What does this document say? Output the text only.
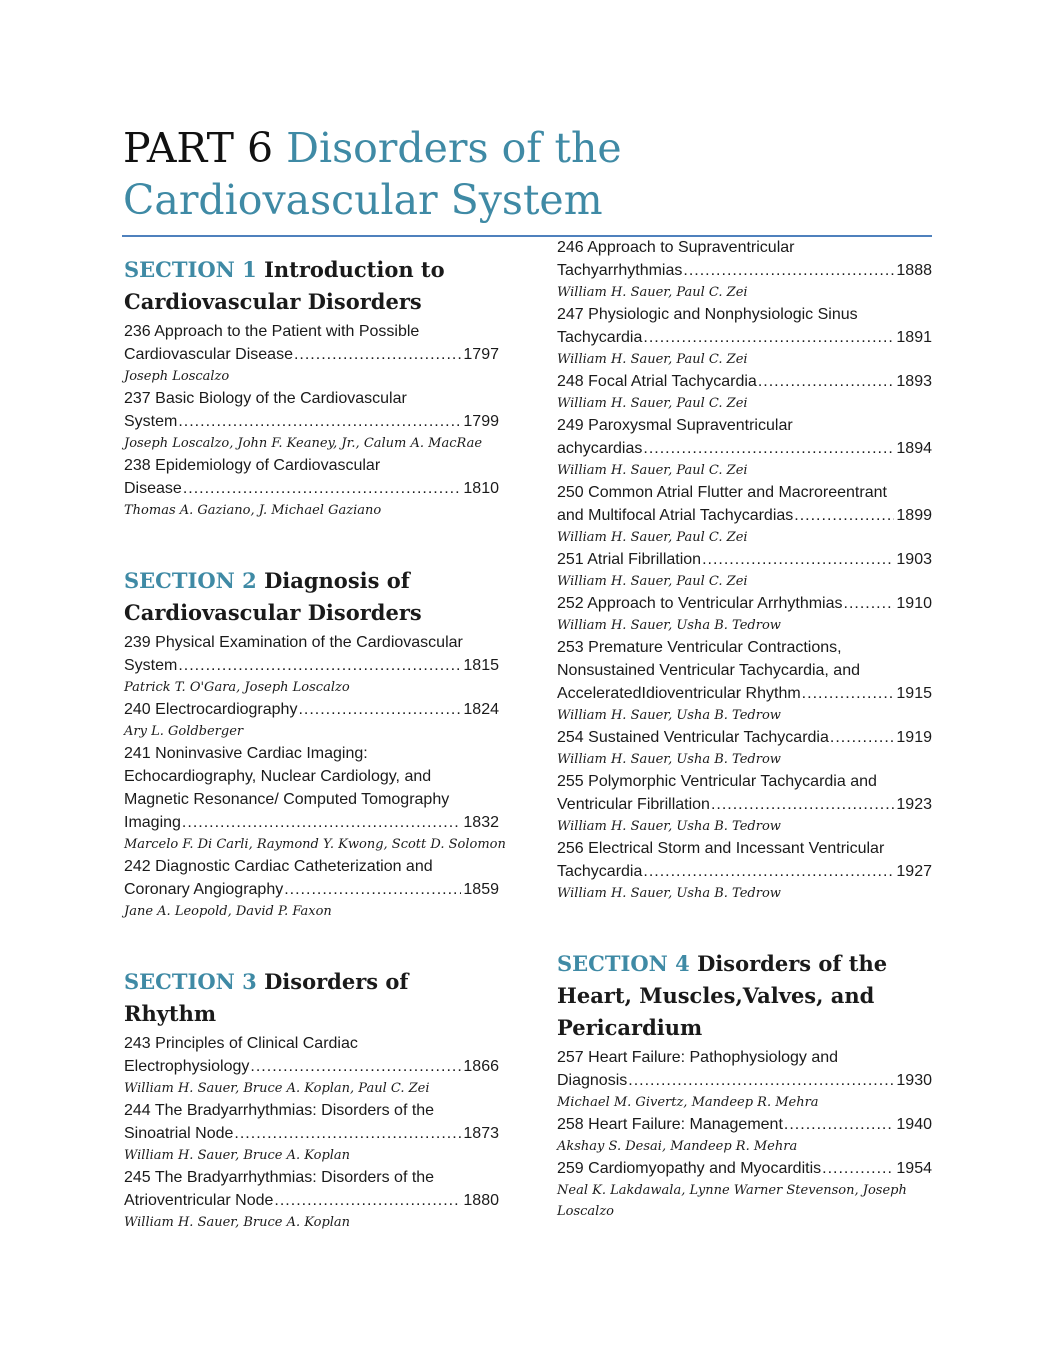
PART 6 Disorders of the Cardiovascular System
SECTION 1 Introduction to
Cardiovascular Disorders

236 Approach to the Patient with Possible

Cardiovascular Disease .....	1797

Joseph Loscalzo

237 Basic Biology of the Cardiovascular

System .....	1799

Joseph Loscalzo, John F. Keaney, Jr., Calum A. MacRae

238 Epidemiology of Cardiovascular

Disease .....	1810

Thomas A. Gaziano, J. Michael Gaziano

SECTION 2 Diagnosis of
Cardiovascular Disorders

239 Physical Examination of the Cardiovascular

System .....	1815

Patrick T. O'Gara, Joseph Loscalzo

240 Electrocardiography .....	1824

Ary L. Goldberger

241 Noninvasive Cardiac Imaging:

Echocardiography, Nuclear Cardiology, and

Magnetic Resonance/ Computed Tomography

Imaging .....	1832

Marcelo F. Di Carli, Raymond Y. Kwong, Scott D. Solomon

242 Diagnostic Cardiac Catheterization and

Coronary Angiography .....	1859

Jane A. Leopold, David P. Faxon

SECTION 3 Disorders of Rhythm

243 Principles of Clinical Cardiac

Electrophysiology .....	1866

William H. Sauer, Bruce A. Koplan, Paul C. Zei

244 The Bradyarrhythmias: Disorders of the

Sinoatrial Node .....	1873

William H. Sauer, Bruce A. Koplan

245 The Bradyarrhythmias: Disorders of the

Atrioventricular Node .....	1880

William H. Sauer, Bruce A. Koplan

246 Approach to Supraventricular

Tachyarrhythmias .....	1888

William H. Sauer, Paul C. Zei

247 Physiologic and Nonphysiologic Sinus

Tachycardia .....	1891

William H. Sauer, Paul C. Zei

248 Focal Atrial Tachycardia .....	1893

William H. Sauer, Paul C. Zei

249 Paroxysmal Supraventricular

achycardias .....	1894

William H. Sauer, Paul C. Zei

250 Common Atrial Flutter and Macroreentrant

and Multifocal Atrial Tachycardias .....	1899

William H. Sauer, Paul C. Zei

251 Atrial Fibrillation .....	1903

William H. Sauer, Paul C. Zei

252 Approach to Ventricular Arrhythmias .....	1910

William H. Sauer, Usha B. Tedrow

253 Premature Ventricular Contractions,

Nonsustained Ventricular Tachycardia, and

AcceleratedIdioventricular Rhythm .....	1915

William H. Sauer, Usha B. Tedrow

254 Sustained Ventricular Tachycardia .....	1919

William H. Sauer, Usha B. Tedrow

255 Polymorphic Ventricular Tachycardia and

Ventricular Fibrillation .....	1923

William H. Sauer, Usha B. Tedrow

256 Electrical Storm and Incessant Ventricular

Tachycardia .....	1927

William H. Sauer, Usha B. Tedrow

SECTION 4 Disorders of the
Heart, Muscles,Valves, and
Pericardium

257 Heart Failure: Pathophysiology and

Diagnosis .....	1930

Michael M. Givertz, Mandeep R. Mehra

258 Heart Failure: Management .....	1940

Akshay S. Desai, Mandeep R. Mehra

259 Cardiomyopathy and Myocarditis .....	1954

Neal K. Lakdawala, Lynne Warner Stevenson, Joseph

Loscalzo
